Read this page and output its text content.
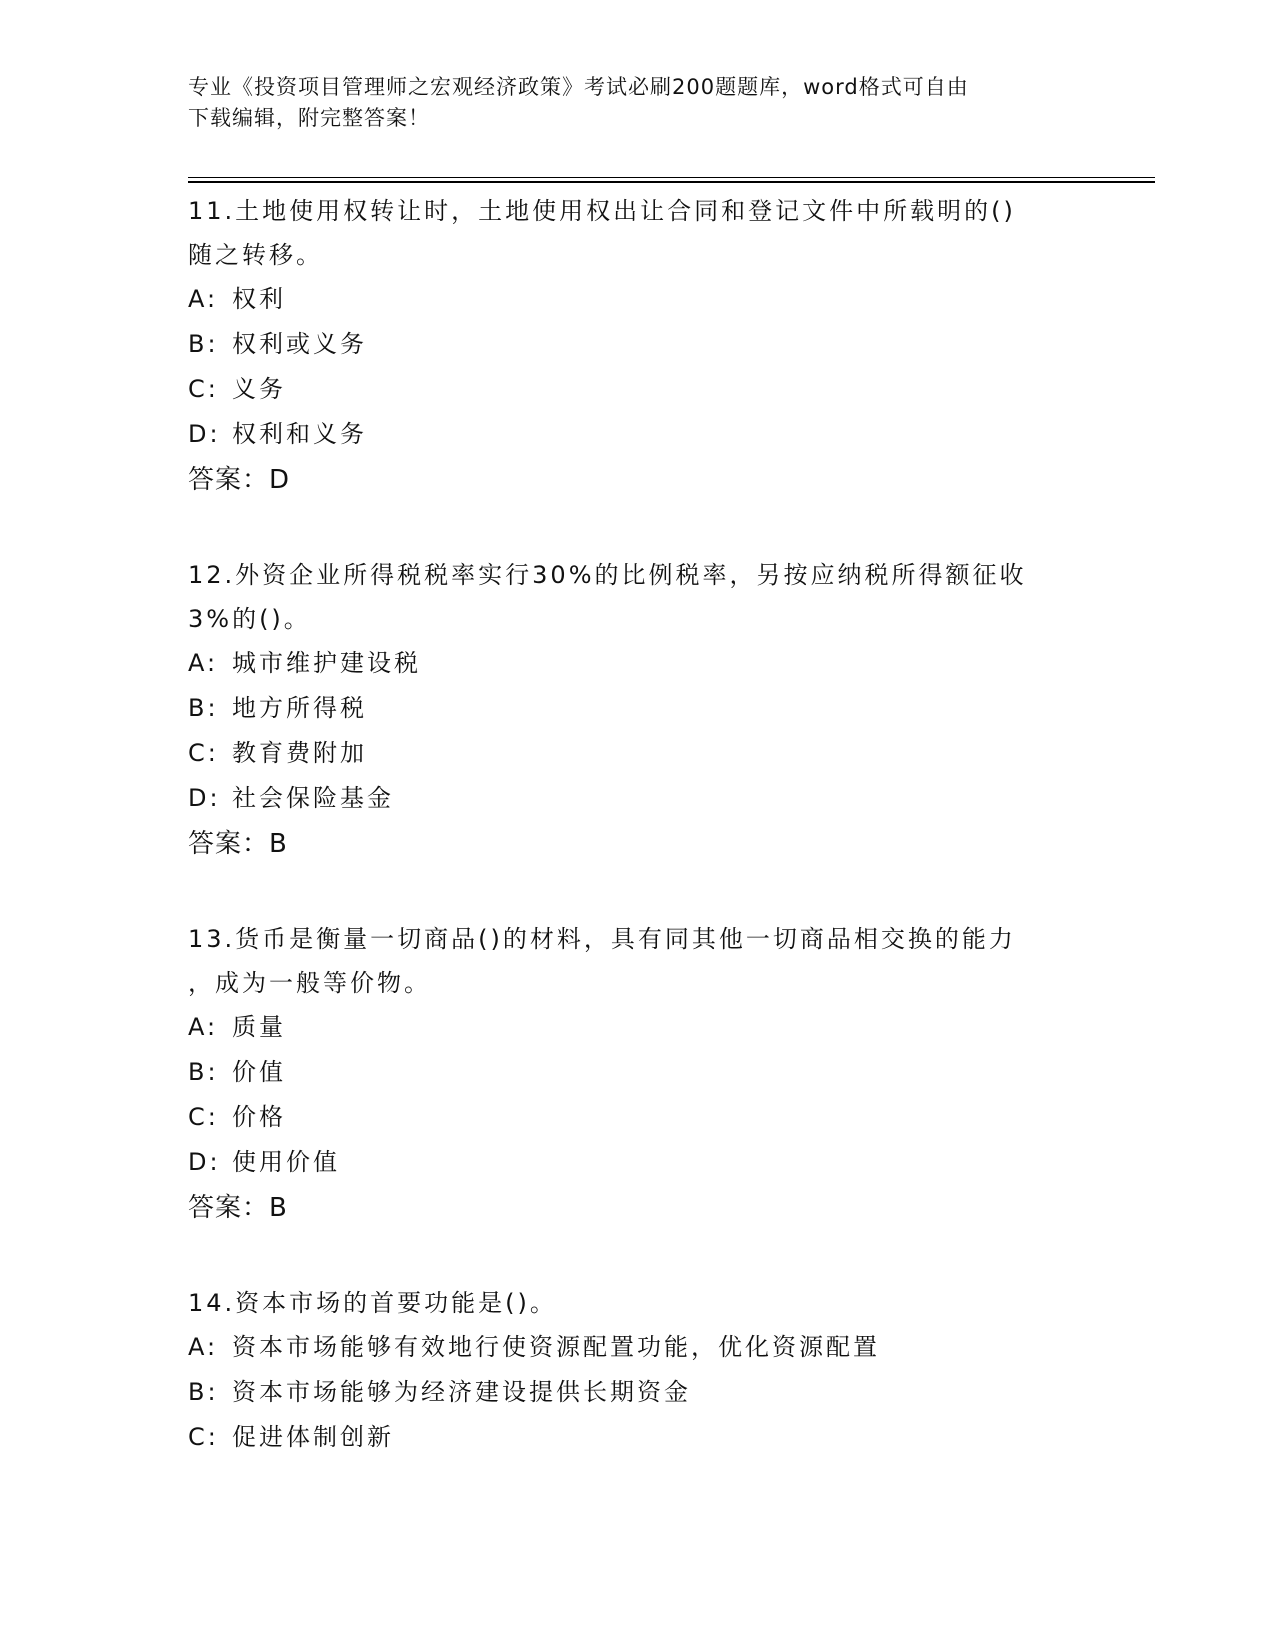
专业《投资项目管理师之宏观经济政策》考试必刷200题题库，word格式可自由
下载编辑，附完整答案！
11.土地使用权转让时，土地使用权出让合同和登记文件中所载明的()
随之转移。
A: 权利
B: 权利或义务
C: 义务
D: 权利和义务
答案：D
12.外资企业所得税税率实行30%的比例税率，另按应纳税所得额征收
3%的()。
A: 城市维护建设税
B: 地方所得税
C: 教育费附加
D: 社会保险基金
答案：B
13.货币是衡量一切商品()的材料，具有同其他一切商品相交换的能力
，成为一般等价物。
A: 质量
B: 价值
C: 价格
D: 使用价值
答案：B
14.资本市场的首要功能是()。
A: 资本市场能够有效地行使资源配置功能，优化资源配置
B: 资本市场能够为经济建设提供长期资金
C: 促进体制创新
